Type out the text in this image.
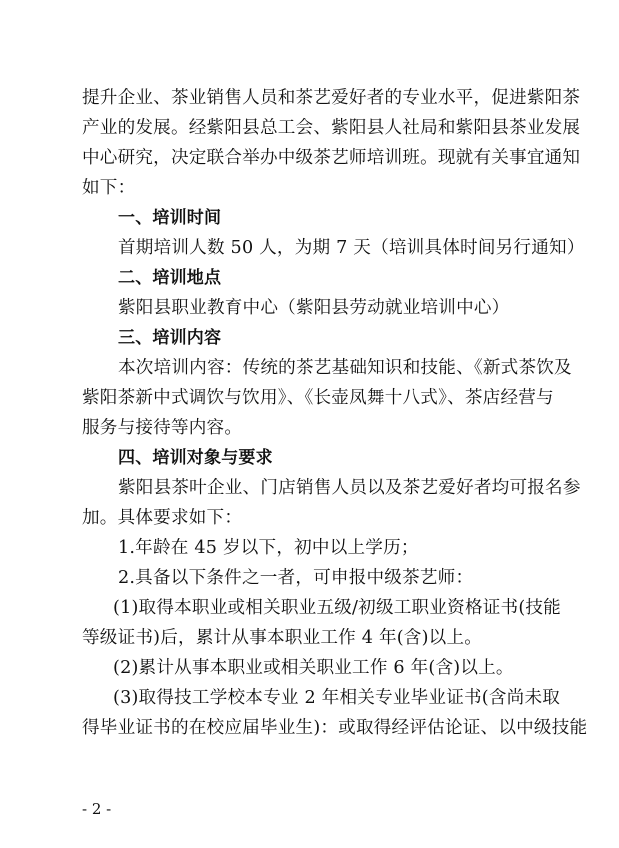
提升企业、茶业销售人员和茶艺爱好者的专业水平，促进紫阳茶
产业的发展。经紫阳县总工会、紫阳县人社局和紫阳县茶业发展
中心研究，决定联合举办中级茶艺师培训班。现就有关事宜通知
如下：
一、培训时间
首期培训人数 50 人，为期 7 天（培训具体时间另行通知）
二、培训地点
紫阳县职业教育中心（紫阳县劳动就业培训中心）
三、培训内容
本次培训内容：传统的茶艺基础知识和技能、《新式茶饮及
紫阳茶新中式调饮与饮用》、《长壶凤舞十八式》、茶店经营与
服务与接待等内容。
四、培训对象与要求
紫阳县茶叶企业、门店销售人员以及茶艺爱好者均可报名参
加。具体要求如下：
1.年龄在 45 岁以下，初中以上学历；
2.具备以下条件之一者，可申报中级茶艺师：
(1)取得本职业或相关职业五级/初级工职业资格证书(技能
等级证书)后，累计从事本职业工作 4 年(含)以上。
(2)累计从事本职业或相关职业工作 6 年(含)以上。
(3)取得技工学校本专业 2 年相关专业毕业证书(含尚未取
得毕业证书的在校应届毕业生)：或取得经评估论证、以中级技能
- 2 -
